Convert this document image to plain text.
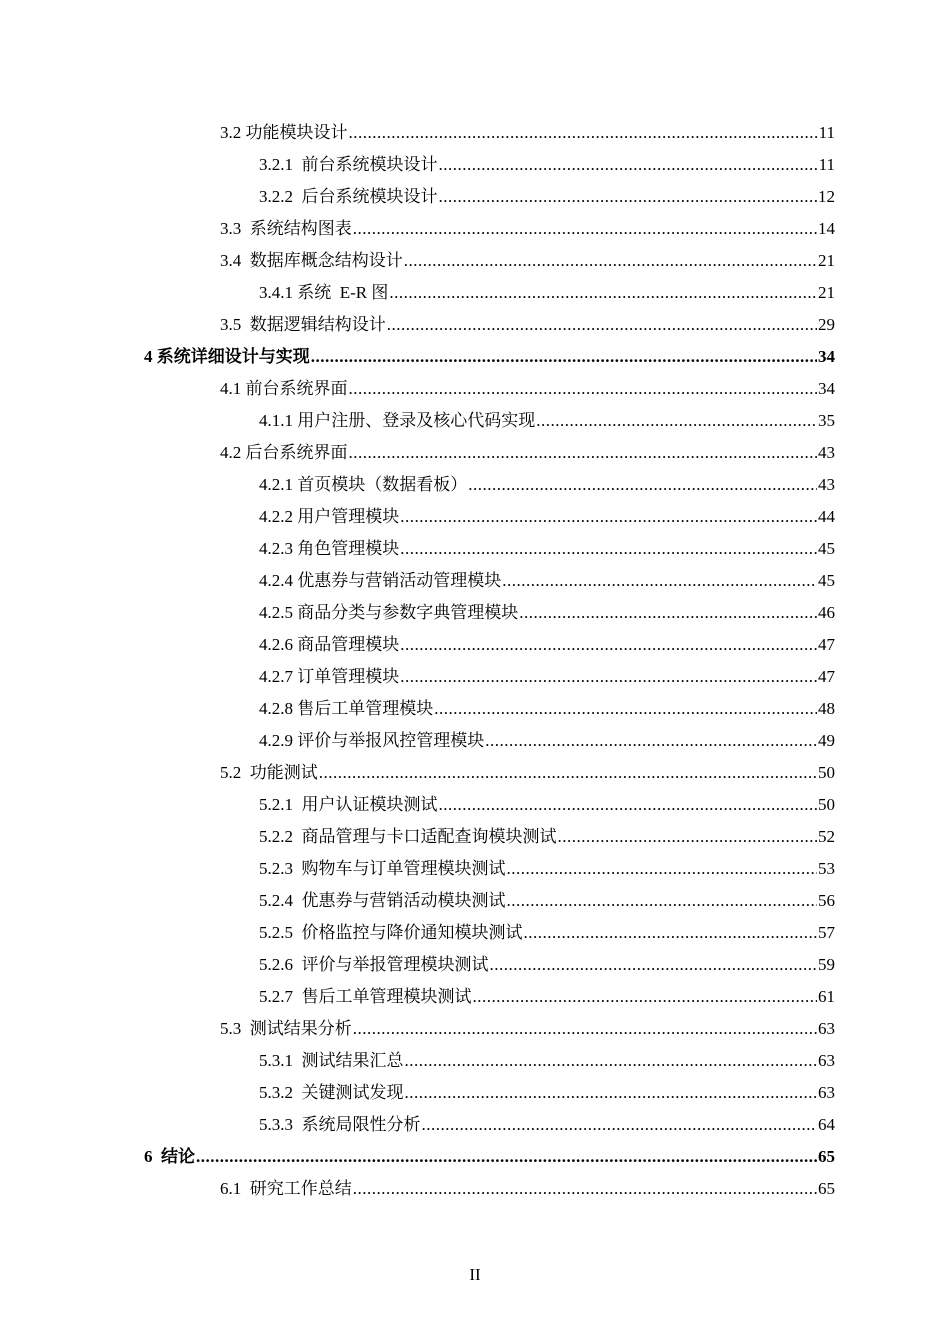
3.2 功能模块设计 .....	11
3.2.1  前台系统模块设计 .....	11
3.2.2  后台系统模块设计 .....	12
3.3  系统结构图表 .....	14
3.4  数据库概念结构设计 .....	21
3.4.1 系统  E-R 图 .....	21
3.5  数据逻辑结构设计 .....	29
4 系统详细设计与实现 .....	34
4.1 前台系统界面 .....	34
4.1.1 用户注册、登录及核心代码实现 .....	35
4.2 后台系统界面 .....	43
4.2.1 首页模块（数据看板） .....	43
4.2.2 用户管理模块 .....	44
4.2.3 角色管理模块 .....	45
4.2.4 优惠券与营销活动管理模块 .....	45
4.2.5 商品分类与参数字典管理模块 .....	46
4.2.6 商品管理模块 .....	47
4.2.7 订单管理模块 .....	47
4.2.8 售后工单管理模块 .....	48
4.2.9 评价与举报风控管理模块 .....	49
5.2  功能测试 .....	50
5.2.1  用户认证模块测试 .....	50
5.2.2  商品管理与卡口适配查询模块测试 .....	52
5.2.3  购物车与订单管理模块测试 .....	53
5.2.4  优惠券与营销活动模块测试 .....	56
5.2.5  价格监控与降价通知模块测试 .....	57
5.2.6  评价与举报管理模块测试 .....	59
5.2.7  售后工单管理模块测试 .....	61
5.3  测试结果分析 .....	63
5.3.1  测试结果汇总 .....	63
5.3.2  关键测试发现 .....	63
5.3.3  系统局限性分析 .....	64
6  结论 .....	65
6.1  研究工作总结 .....	65
II
